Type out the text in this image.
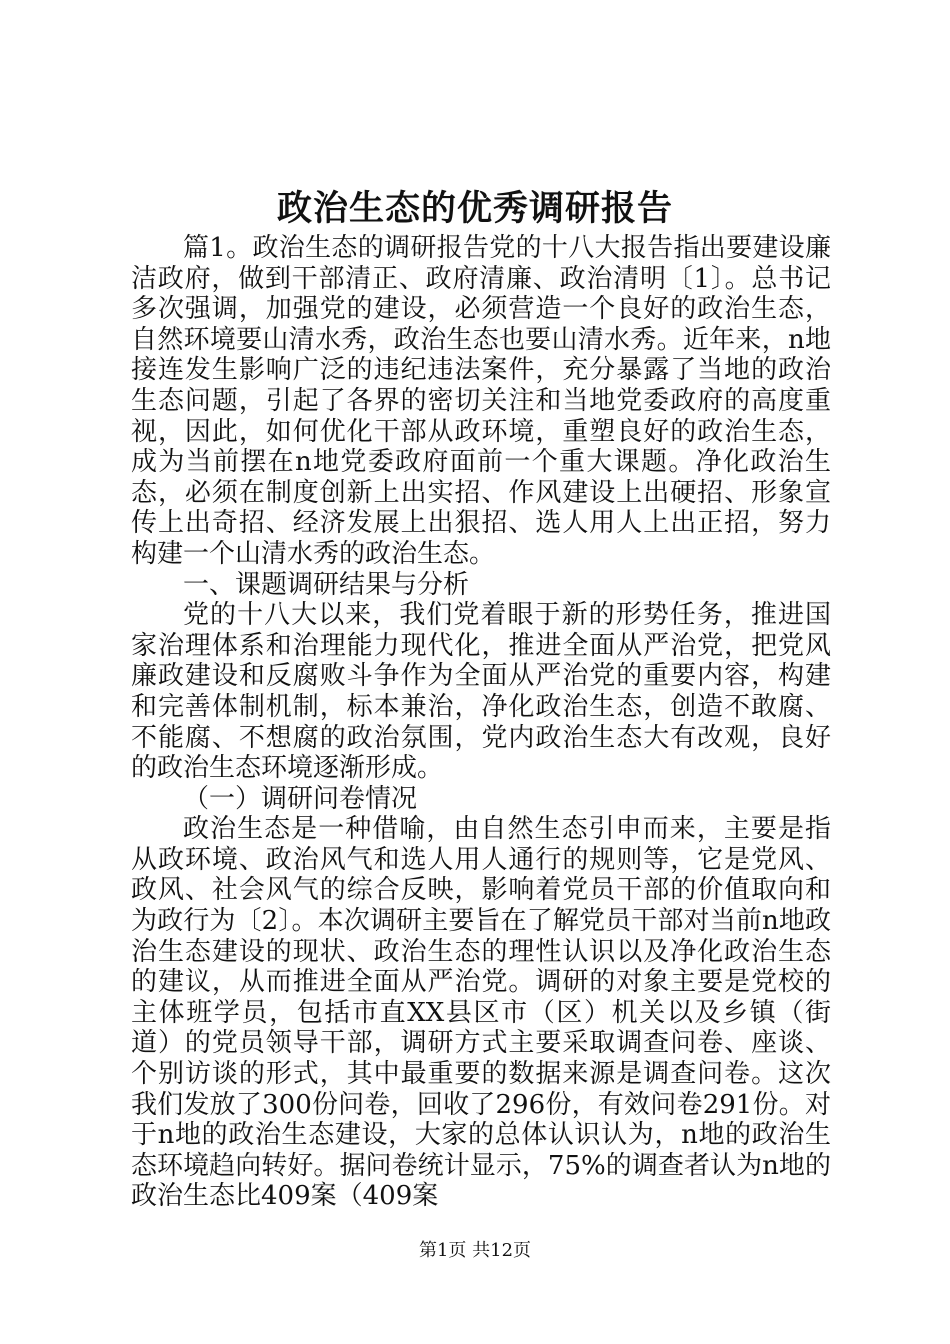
政治生态的优秀调研报告

篇1。政治生态的调研报告党的十八大报告指出要建设廉洁政府，做到干部清正、政府清廉、政治清明〔1〕。总书记多次强调，加强党的建设，必须营造一个良好的政治生态，自然环境要山清水秀，政治生态也要山清水秀。近年来，n地接连发生影响广泛的违纪违法案件，充分暴露了当地的政治生态问题，引起了各界的密切关注和当地党委政府的高度重视，因此，如何优化干部从政环境，重塑良好的政治生态，成为当前摆在n地党委政府面前一个重大课题。净化政治生态，必须在制度创新上出实招、作风建设上出硬招、形象宣传上出奇招、经济发展上出狠招、选人用人上出正招，努力构建一个山清水秀的政治生态。

一、课题调研结果与分析

党的十八大以来，我们党着眼于新的形势任务，推进国家治理体系和治理能力现代化，推进全面从严治党，把党风廉政建设和反腐败斗争作为全面从严治党的重要内容，构建和完善体制机制，标本兼治，净化政治生态，创造不敢腐、不能腐、不想腐的政治氛围，党内政治生态大有改观，良好的政治生态环境逐渐形成。

（一）调研问卷情况

政治生态是一种借喻，由自然生态引申而来，主要是指从政环境、政治风气和选人用人通行的规则等，它是党风、政风、社会风气的综合反映，影响着党员干部的价值取向和为政行为〔2〕。本次调研主要旨在了解党员干部对当前n地政治生态建设的现状、政治生态的理性认识以及净化政治生态的建议，从而推进全面从严治党。调研的对象主要是党校的主体班学员，包括市直XX县区市（区）机关以及乡镇（街道）的党员领导干部，调研方式主要采取调查问卷、座谈、个别访谈的形式，其中最重要的数据来源是调查问卷。这次我们发放了300份问卷，回收了296份，有效问卷291份。对于n地的政治生态建设，大家的总体认识认为，n地的政治生态环境趋向转好。据问卷统计显示，75%的调查者认为n地的政治生态比409案（409案

第1页 共12页
